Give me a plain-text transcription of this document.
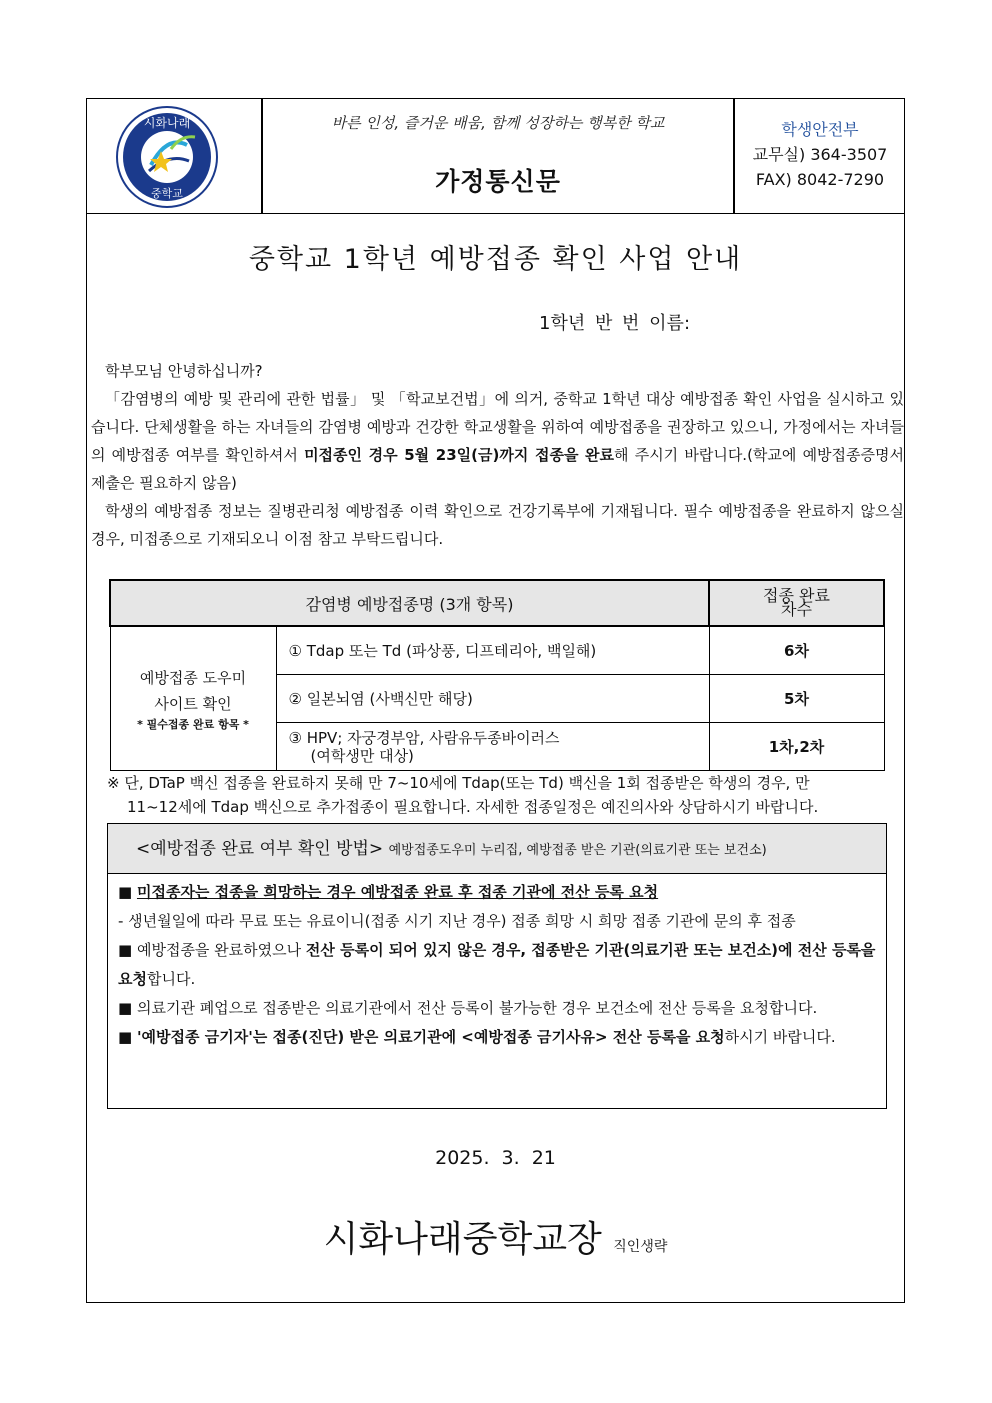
시화나래
중학교
바른 인성, 즐거운 배움, 함께 성장하는 행복한 학교
가정통신문
학생안전부
교무실) 364-3507
FAX) 8042-7290
중학교 1학년 예방접종 확인 사업 안내
1학년 반 번 이름:

학부모님 안녕하십니까?

「감염병의 예방 및 관리에 관한 법률」 및 「학교보건법」에 의거, 중학교 1학년 대상 예방접종 확인 사업을 실시하고 있습니다. 단체생활을 하는 자녀들의 감염병 예방과 건강한 학교생활을 위하여 예방접종을 권장하고 있으니, 가정에서는 자녀들의 예방접종 여부를 확인하셔서 미접종인 경우 5월 23일(금)까지 접종을 완료해 주시기 바랍니다.(학교에 예방접종증명서 제출은 필요하지 않음)

학생의 예방접종 정보는 질병관리청 예방접종 이력 확인으로 건강기록부에 기재됩니다. 필수 예방접종을 완료하지 않으실 경우, 미접종으로 기재되오니 이점 참고 부탁드립니다.

감염병 예방접종명 (3개 항목)		접종 완료
차수

예방접종 도우미
사이트 확인
* 필수접종 완료 항목 *	① Tdap 또는 Td (파상풍, 디프테리아, 백일해)	6차
	② 일본뇌염 (사백신만 해당)	5차

	③ HPV; 자궁경부암, 사람유두종바이러스
(여학생만 대상)	1차,2차
※ 단, DTaP 백신 접종을 완료하지 못해 만 7~10세에 Tdap(또는 Td) 백신을 1회 접종받은 학생의 경우, 만
11~12세에 Tdap 백신으로 추가접종이 필요합니다. 자세한 접종일정은 예진의사와 상담하시기 바랍니다.
<예방접종 완료 여부 확인 방법> 예방접종도우미 누리집, 예방접종 받은 기관(의료기관 또는 보건소)
■ 미접종자는 접종을 희망하는 경우 예방접종 완료 후 접종 기관에 전산 등록 요청
- 생년월일에 따라 무료 또는 유료이니(접종 시기 지난 경우) 접종 희망 시 희망 접종 기관에 문의 후 접종
■ 예방접종을 완료하였으나 전산 등록이 되어 있지 않은 경우, 접종받은 기관(의료기관 또는 보건소)에 전산 등록을 요청합니다.
■ 의료기관 폐업으로 접종받은 의료기관에서 전산 등록이 불가능한 경우 보건소에 전산 등록을 요청합니다.
■ '예방접종 금기자'는 접종(진단) 받은 의료기관에 <예방접종 금기사유> 전산 등록을 요청하시기 바랍니다.
2025. 3. 21
시화나래중학교장 직인생략
